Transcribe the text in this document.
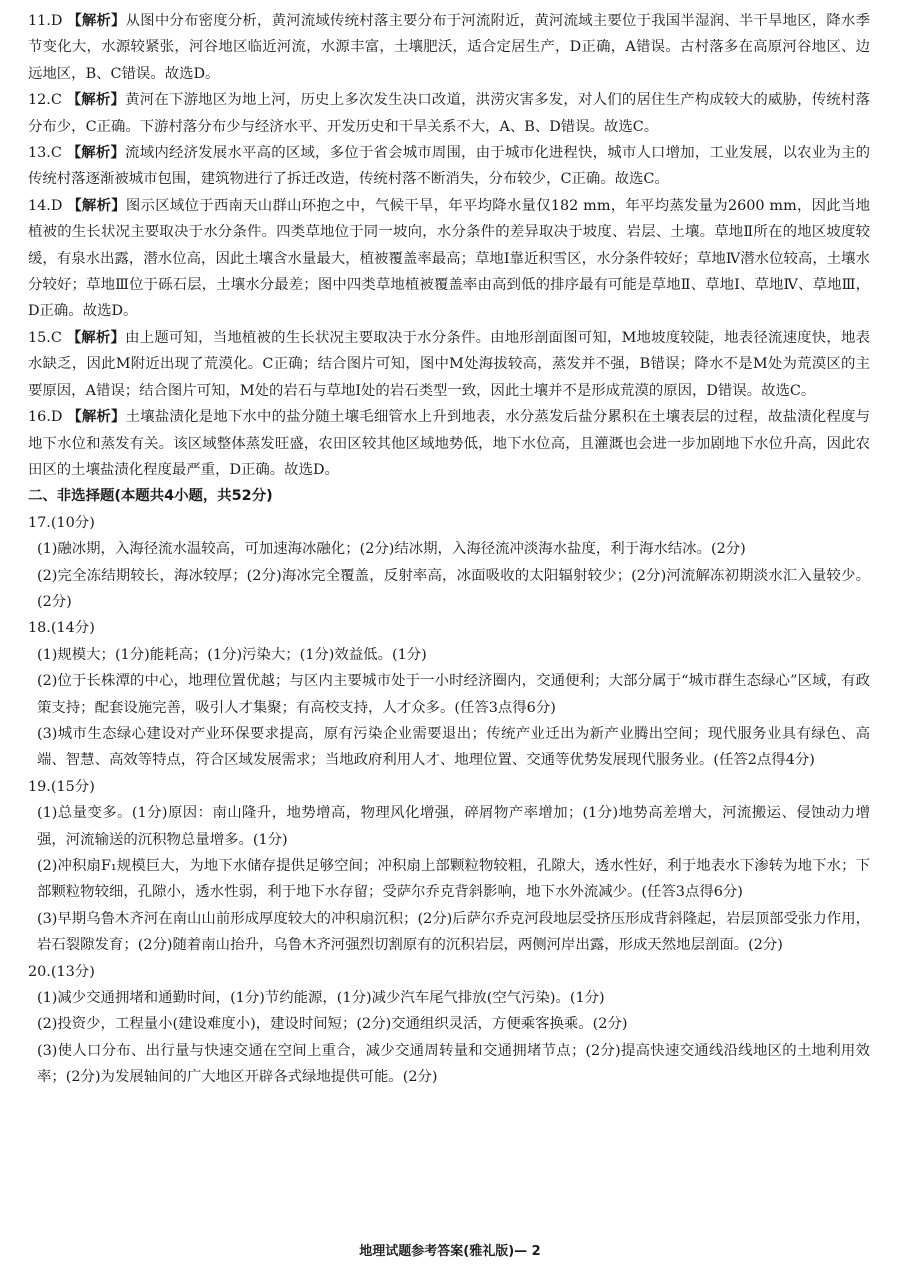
11.D 【解析】从图中分布密度分析，黄河流域传统村落主要分布于河流附近，黄河流域主要位于我国半湿润、半干旱地区，降水季节变化大，水源较紧张，河谷地区临近河流，水源丰富，土壤肥沃，适合定居生产，D正确，A错误。古村落多在高原河谷地区、边远地区，B、C错误。故选D。

12.C 【解析】黄河在下游地区为地上河，历史上多次发生决口改道，洪涝灾害多发，对人们的居住生产构成较大的威胁，传统村落分布少，C正确。下游村落分布少与经济水平、开发历史和干旱关系不大，A、B、D错误。故选C。

13.C 【解析】流域内经济发展水平高的区域，多位于省会城市周围，由于城市化进程快，城市人口增加，工业发展，以农业为主的传统村落逐渐被城市包围，建筑物进行了拆迁改造，传统村落不断消失，分布较少，C正确。故选C。

14.D 【解析】图示区域位于西南天山群山环抱之中，气候干旱，年平均降水量仅182 mm，年平均蒸发量为2600 mm，因此当地植被的生长状况主要取决于水分条件。四类草地位于同一坡向，水分条件的差异取决于坡度、岩层、土壤。草地Ⅱ所在的地区坡度较缓，有泉水出露，潜水位高，因此土壤含水量最大，植被覆盖率最高；草地Ⅰ靠近积雪区，水分条件较好；草地Ⅳ潜水位较高，土壤水分较好；草地Ⅲ位于砾石层，土壤水分最差；图中四类草地植被覆盖率由高到低的排序最有可能是草地Ⅱ、草地Ⅰ、草地Ⅳ、草地Ⅲ，D正确。故选D。

15.C 【解析】由上题可知，当地植被的生长状况主要取决于水分条件。由地形剖面图可知，M地坡度较陡，地表径流速度快，地表水缺乏，因此M附近出现了荒漠化。C正确；结合图片可知，图中M处海拔较高，蒸发并不强，B错误；降水不是M处为荒漠区的主要原因，A错误；结合图片可知，M处的岩石与草地Ⅰ处的岩石类型一致，因此土壤并不是形成荒漠的原因，D错误。故选C。

16.D 【解析】土壤盐渍化是地下水中的盐分随土壤毛细管水上升到地表，水分蒸发后盐分累积在土壤表层的过程，故盐渍化程度与地下水位和蒸发有关。该区域整体蒸发旺盛，农田区较其他区域地势低，地下水位高，且灌溉也会进一步加剧地下水位升高，因此农田区的土壤盐渍化程度最严重，D正确。故选D。

二、非选择题(本题共4小题，共52分)

17.(10分)

(1)融冰期，入海径流水温较高，可加速海冰融化；(2分)结冰期，入海径流冲淡海水盐度，利于海水结冰。(2分)

(2)完全冻结期较长，海冰较厚；(2分)海冰完全覆盖，反射率高，冰面吸收的太阳辐射较少；(2分)河流解冻初期淡水汇入量较少。(2分)

18.(14分)

(1)规模大；(1分)能耗高；(1分)污染大；(1分)效益低。(1分)

(2)位于长株潭的中心，地理位置优越；与区内主要城市处于一小时经济圈内，交通便利；大部分属于“城市群生态绿心”区域，有政策支持；配套设施完善，吸引人才集聚；有高校支持，人才众多。(任答3点得6分)

(3)城市生态绿心建设对产业环保要求提高，原有污染企业需要退出；传统产业迁出为新产业腾出空间；现代服务业具有绿色、高端、智慧、高效等特点，符合区域发展需求；当地政府利用人才、地理位置、交通等优势发展现代服务业。(任答2点得4分)

19.(15分)

(1)总量变多。(1分)原因：南山隆升，地势增高，物理风化增强，碎屑物产率增加；(1分)地势高差增大，河流搬运、侵蚀动力增强，河流输送的沉积物总量增多。(1分)

(2)冲积扇F₁规模巨大，为地下水储存提供足够空间；冲积扇上部颗粒物较粗，孔隙大，透水性好，利于地表水下渗转为地下水；下部颗粒物较细，孔隙小，透水性弱，利于地下水存留；受萨尔乔克背斜影响，地下水外流减少。(任答3点得6分)

(3)早期乌鲁木齐河在南山山前形成厚度较大的冲积扇沉积；(2分)后萨尔乔克河段地层受挤压形成背斜隆起，岩层顶部受张力作用，岩石裂隙发育；(2分)随着南山抬升，乌鲁木齐河强烈切割原有的沉积岩层，两侧河岸出露，形成天然地层剖面。(2分)

20.(13分)

(1)减少交通拥堵和通勤时间，(1分)节约能源，(1分)减少汽车尾气排放(空气污染)。(1分)

(2)投资少，工程量小(建设难度小)，建设时间短；(2分)交通组织灵活，方便乘客换乘。(2分)

(3)使人口分布、出行量与快速交通在空间上重合，减少交通周转量和交通拥堵节点；(2分)提高快速交通线沿线地区的土地利用效率；(2分)为发展轴间的广大地区开辟各式绿地提供可能。(2分)

地理试题参考答案(雅礼版)— 2
